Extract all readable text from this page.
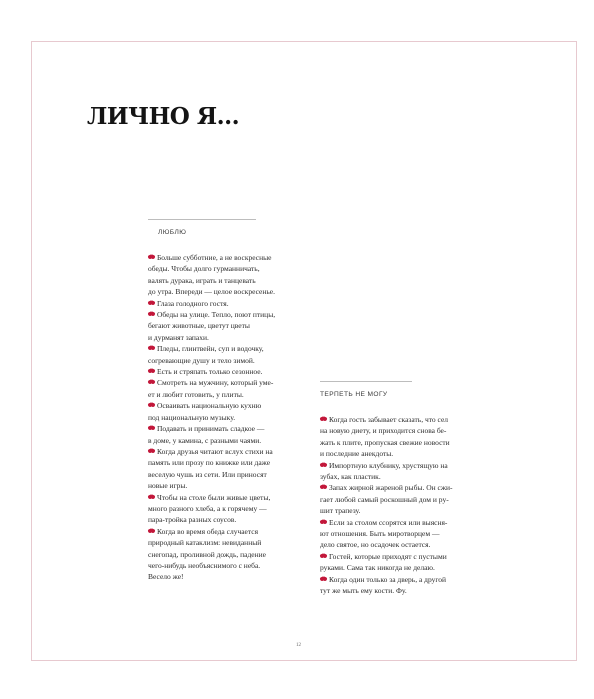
ЛИЧНО Я...
ЛЮБЛЮ
Больше субботние, а не воскресные
обеды. Чтобы долго гурманничать,
валять дурака, играть и танцевать
до утра. Впереди — целое воскресенье.
Глаза голодного гостя.
Обеды на улице. Тепло, поют птицы,
бегают животные, цветут цветы
и дурманят запахи.
Пледы, глинтвейн, суп и водочку,
согревающие душу и тело зимой.
Есть и стряпать только сезонное.
Смотреть на мужчину, который уме-
ет и любит готовить, у плиты.
Осваивать национальную кухню
под национальную музыку.
Подавать и принимать сладкое —
в доме, у камина, с разными чаями.
Когда друзья читают вслух стихи на
память или прозу по книжке или даже
веселую чушь из сети. Или приносят
новые игры.
Чтобы на столе были живые цветы,
много разного хлеба, а к горячему —
пара-тройка разных соусов.
Когда во время обеда случается
природный катаклизм: невиданный
снегопад, проливной дождь, падение
чего-нибудь необъяснимого с неба.
Весело же!
ТЕРПЕТЬ НЕ МОГУ
Когда гость забывает сказать, что сел
на новую диету, и приходится снова бе-
жать к плите, пропуская свежие новости
и последние анекдоты.
Импортную клубнику, хрустящую на
зубах, как пластик.
Запах жирной жареной рыбы. Он сжи-
гает любой самый роскошный дом и ру-
шит трапезу.
Если за столом ссорятся или выясня-
ют отношения. Быть миротворцем —
дело святое, но осадочек остается.
Гостей, которые приходят с пустыми
руками. Сама так никогда не делаю.
Когда один только за дверь, а другой
тут же мыть ему кости. Фу.
12
